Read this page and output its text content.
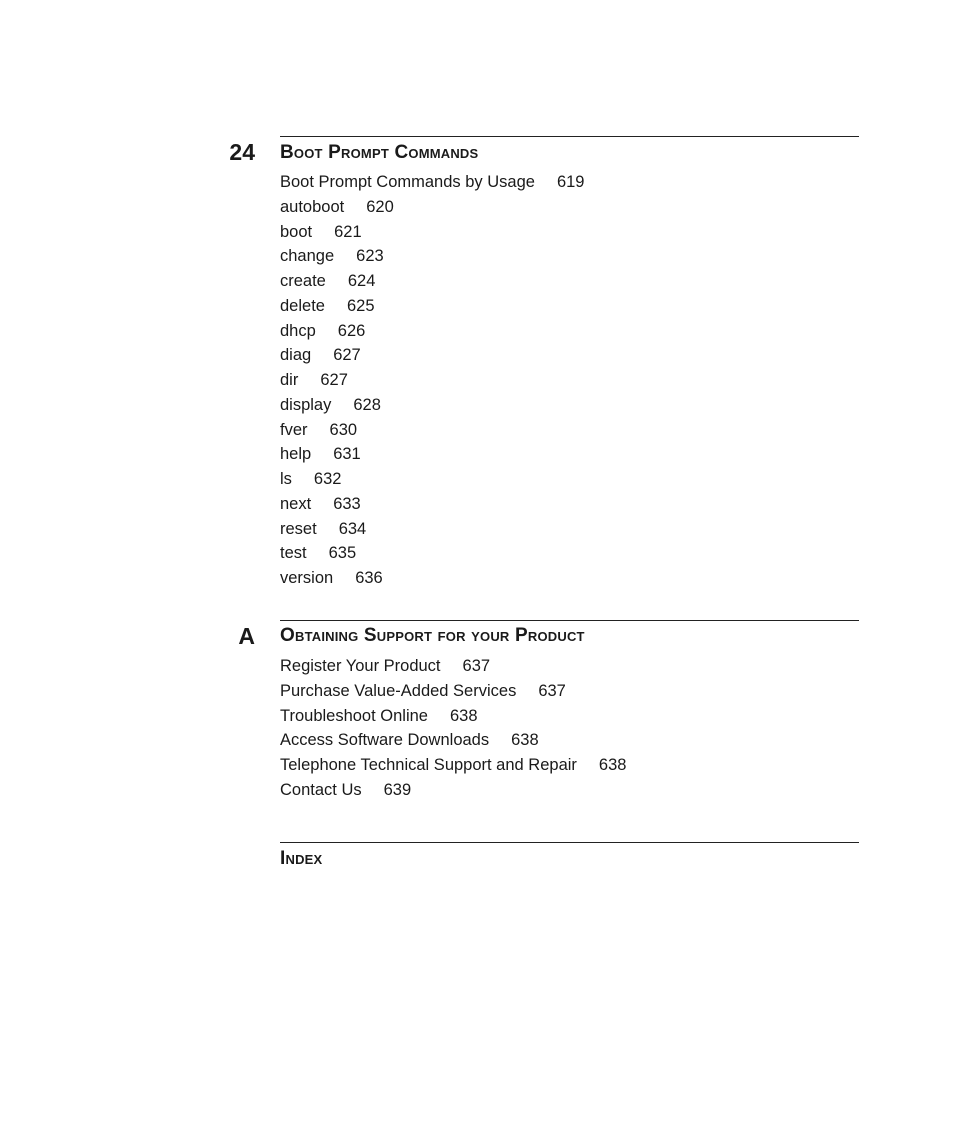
24 Boot Prompt Commands
Boot Prompt Commands by Usage 619
autoboot 620
boot 621
change 623
create 624
delete 625
dhcp 626
diag 627
dir 627
display 628
fver 630
help 631
ls 632
next 633
reset 634
test 635
version 636
A Obtaining Support for your Product
Register Your Product 637
Purchase Value-Added Services 637
Troubleshoot Online 638
Access Software Downloads 638
Telephone Technical Support and Repair 638
Contact Us 639
Index
